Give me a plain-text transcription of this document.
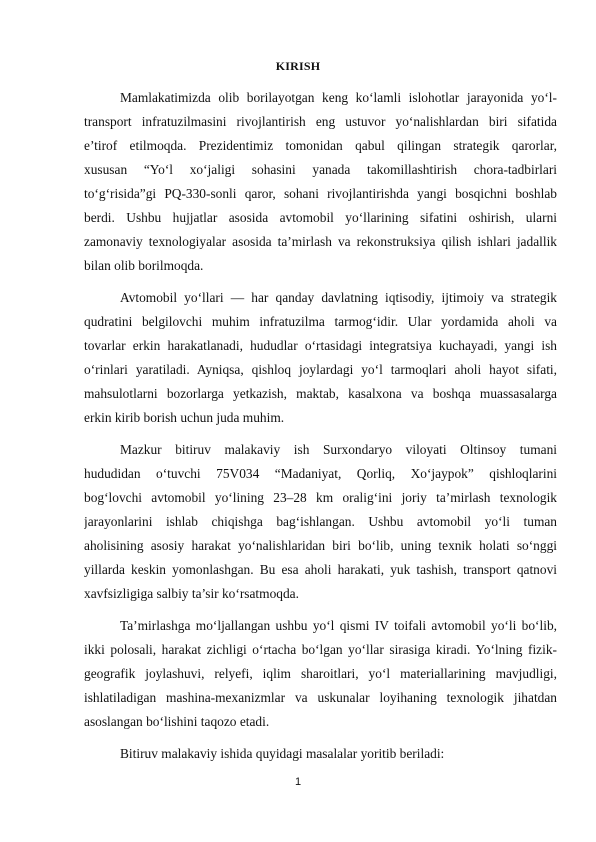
KIRISH
Mamlakatimizda olib borilayotgan keng ko‘lamli islohotlar jarayonida yo‘l-
transport infratuzilmasini rivojlantirish eng ustuvor yo‘nalishlardan biri sifatida
e’tirof etilmoqda. Prezidentimiz tomonidan qabul qilingan strategik qarorlar,
xususan “Yo‘l xo‘jaligi sohasini yanada takomillashtirish chora-tadbirlari
to‘g‘risida”gi PQ-330-sonli qaror, sohani rivojlantirishda yangi bosqichni boshlab
berdi. Ushbu hujjatlar asosida avtomobil yo‘llarining sifatini oshirish, ularni
zamonaviy texnologiyalar asosida ta’mirlash va rekonstruksiya qilish ishlari jadallik
bilan olib borilmoqda.
Avtomobil yo‘llari — har qanday davlatning iqtisodiy, ijtimoiy va strategik
qudratini belgilovchi muhim infratuzilma tarmog‘idir. Ular yordamida aholi va
tovarlar erkin harakatlanadi, hududlar o‘rtasidagi integratsiya kuchayadi, yangi ish
o‘rinlari yaratiladi. Ayniqsa, qishloq joylardagi yo‘l tarmoqlari aholi hayot sifati,
mahsulotlarni bozorlarga yetkazish, maktab, kasalxona va boshqa muassasalarga
erkin kirib borish uchun juda muhim.
Mazkur bitiruv malakaviy ish Surxondaryo viloyati Oltinsoy tumani
hududidan o‘tuvchi 75V034 “Madaniyat, Qorliq, Xo‘jaypok” qishloqlarini
bog‘lovchi avtomobil yo‘lining 23–28 km oralig‘ini joriy ta’mirlash texnologik
jarayonlarini ishlab chiqishga bag‘ishlangan. Ushbu avtomobil yo‘li tuman
aholisining asosiy harakat yo‘nalishlaridan biri bo‘lib, uning texnik holati so‘nggi
yillarda keskin yomonlashgan. Bu esa aholi harakati, yuk tashish, transport qatnovi
xavfsizligiga salbiy ta’sir ko‘rsatmoqda.
Ta’mirlashga mo‘ljallangan ushbu yo‘l qismi IV toifali avtomobil yo‘li bo‘lib,
ikki polosali, harakat zichligi o‘rtacha bo‘lgan yo‘llar sirasiga kiradi. Yo‘lning fizik-
geografik joylashuvi, relyefi, iqlim sharoitlari, yo‘l materiallarining mavjudligi,
ishlatiladigan mashina-mexanizmlar va uskunalar loyihaning texnologik jihatdan
asoslangan bo‘lishini taqozo etadi.
Bitiruv malakaviy ishida quyidagi masalalar yoritib beriladi:
1
